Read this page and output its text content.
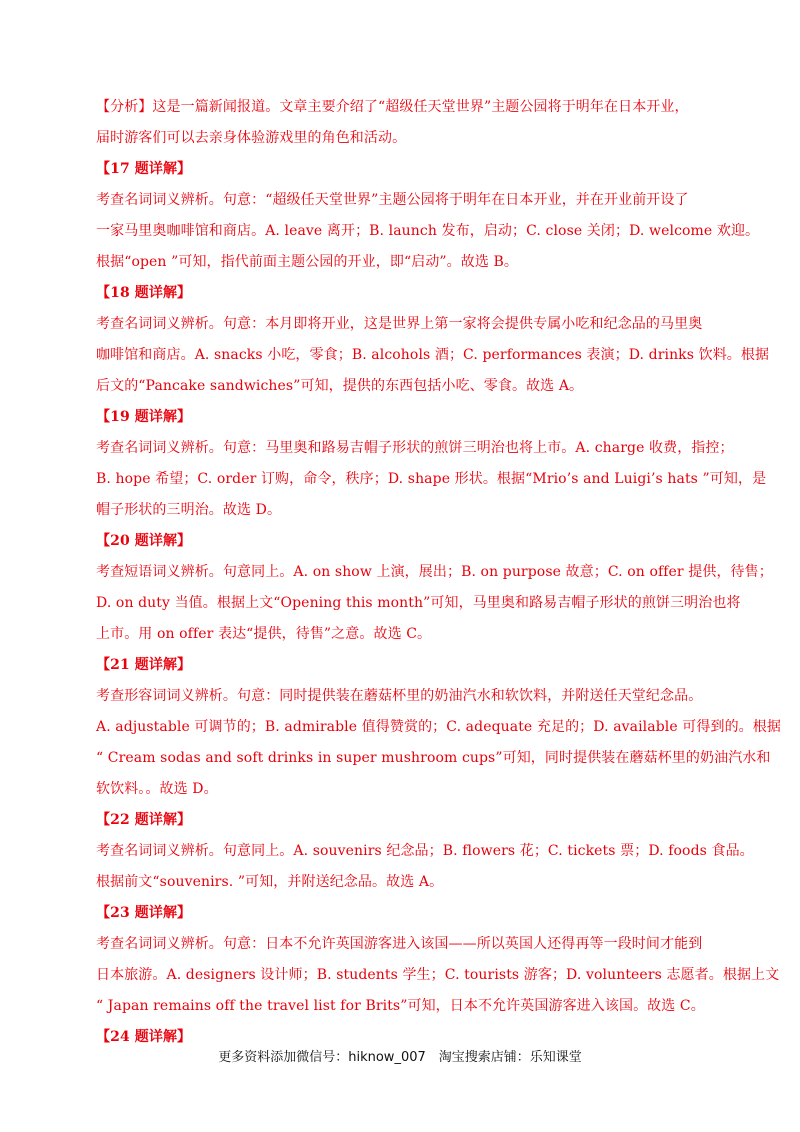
【分析】这是一篇新闻报道。文章主要介绍了“超级任天堂世界”主题公园将于明年在日本开业，
届时游客们可以去亲身体验游戏里的角色和活动。
【17 题详解】
考查名词词义辨析。句意：“超级任天堂世界”主题公园将于明年在日本开业，并在开业前开设了
一家马里奥咖啡馆和商店。A. leave 离开；B. launch 发布，启动；C. close 关闭；D. welcome 欢迎。
根据“open ”可知，指代前面主题公园的开业，即“启动”。故选 B。
【18 题详解】
考查名词词义辨析。句意：本月即将开业，这是世界上第一家将会提供专属小吃和纪念品的马里奥
咖啡馆和商店。A. snacks 小吃，零食；B. alcohols 酒；C. performances 表演；D. drinks 饮料。根据
后文的“Pancake sandwiches”可知，提供的东西包括小吃、零食。故选 A。
【19 题详解】
考查名词词义辨析。句意：马里奥和路易吉帽子形状的煎饼三明治也将上市。A. charge 收费，指控；
B. hope 希望；C. order 订购，命令，秩序；D. shape 形状。根据“Mrio’s and Luigi’s hats ”可知，是
帽子形状的三明治。故选 D。
【20 题详解】
考查短语词义辨析。句意同上。A. on show 上演，展出；B. on purpose 故意；C. on offer 提供，待售；
D. on duty 当值。根据上文“Opening this month”可知，马里奥和路易吉帽子形状的煎饼三明治也将
上市。用 on offer 表达“提供，待售”之意。故选 C。
【21 题详解】
考查形容词词义辨析。句意：同时提供装在蘑菇杯里的奶油汽水和软饮料，并附送任天堂纪念品。
A. adjustable 可调节的；B. admirable 值得赞赏的；C. adequate 充足的；D. available 可得到的。根据
“ Cream sodas and soft drinks in super mushroom cups”可知，同时提供装在蘑菇杯里的奶油汽水和
软饮料。。故选 D。
【22 题详解】
考查名词词义辨析。句意同上。A. souvenirs 纪念品；B. flowers 花；C. tickets 票；D. foods 食品。
根据前文“souvenirs. ”可知，并附送纪念品。故选 A。
【23 题详解】
考查名词词义辨析。句意：日本不允许英国游客进入该国——所以英国人还得再等一段时间才能到
日本旅游。A. designers 设计师；B. students 学生；C. tourists 游客；D. volunteers 志愿者。根据上文
“ Japan remains off the travel list for Brits”可知，日本不允许英国游客进入该国。故选 C。
【24 题详解】
更多资料添加微信号：hiknow_007　淘宝搜索店铺：乐知课堂
